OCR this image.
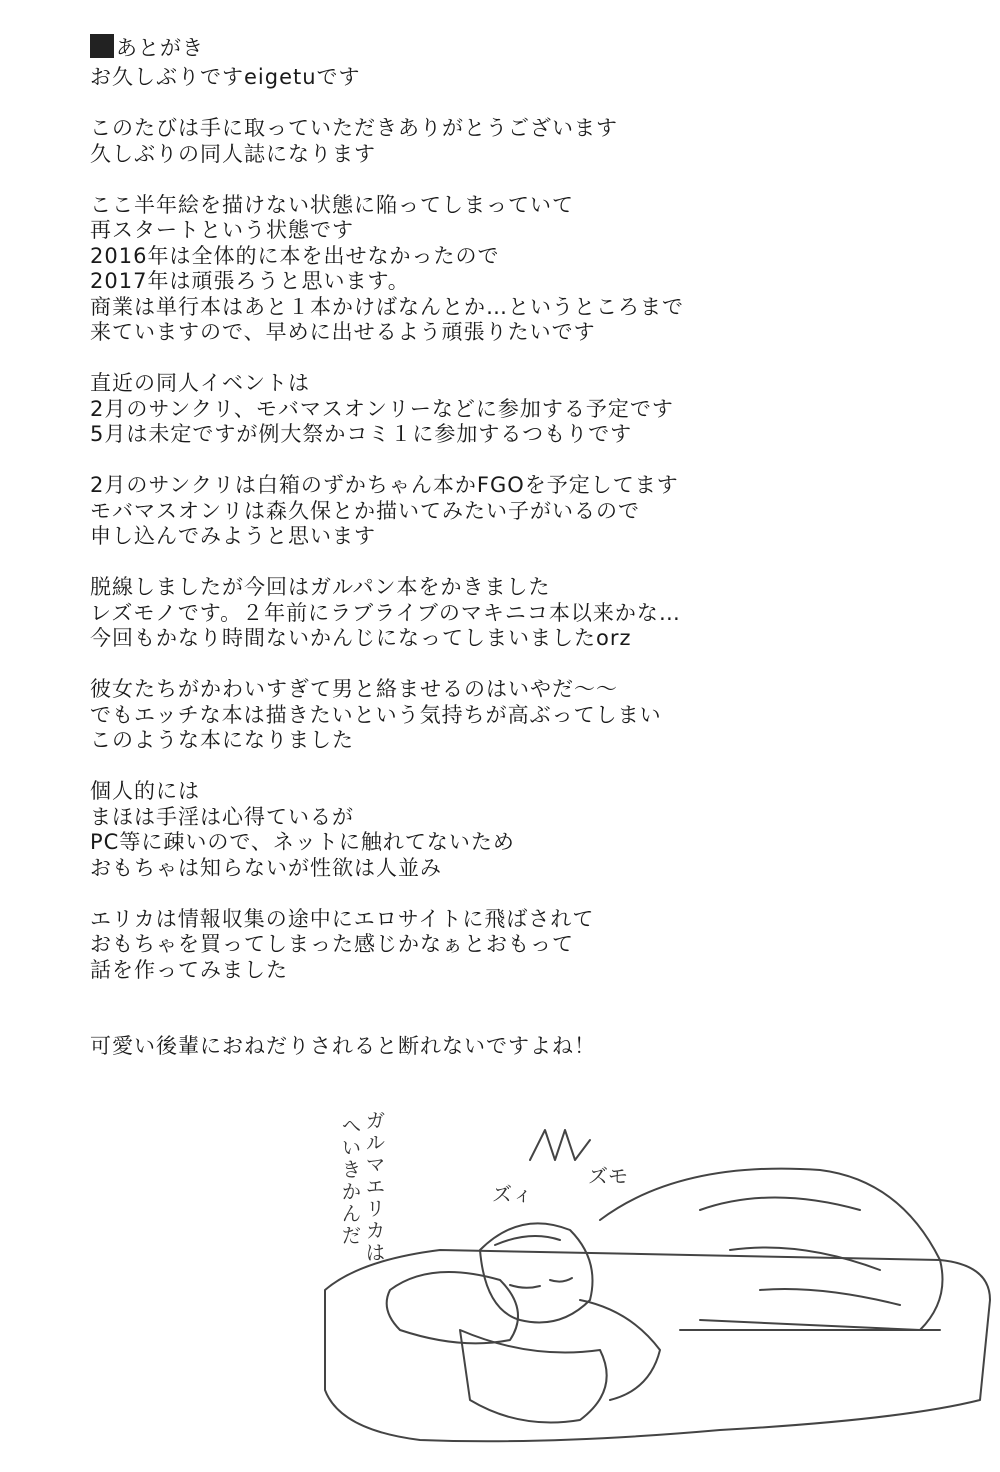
あとがき
お久しぶりですeigetuです
このたびは手に取っていただきありがとうございます
久しぶりの同人誌になります
ここ半年絵を描けない状態に陥ってしまっていて
再スタートという状態です
2016年は全体的に本を出せなかったので
2017年は頑張ろうと思います。
商業は単行本はあと１本かけばなんとか…というところまで
来ていますので、早めに出せるよう頑張りたいです
直近の同人イベントは
2月のサンクリ、モバマスオンリーなどに参加する予定です
5月は未定ですが例大祭かコミ１に参加するつもりです
2月のサンクリは白箱のずかちゃん本かFGOを予定してます
モバマスオンリは森久保とか描いてみたい子がいるので
申し込んでみようと思います
脱線しましたが今回はガルパン本をかきました
レズモノです。２年前にラブライブのマキニコ本以来かな…
今回もかなり時間ないかんじになってしまいましたorz
彼女たちがかわいすぎて男と絡ませるのはいやだ～～
でもエッチな本は描きたいという気持ちが高ぶってしまい
このような本になりました
個人的には
まほは手淫は心得ているが
PC等に疎いので、ネットに触れてないため
おもちゃは知らないが性欲は人並み
エリカは情報収集の途中にエロサイトに飛ばされて
おもちゃを買ってしまった感じかなぁとおもって
話を作ってみました
可愛い後輩におねだりされると断れないですよね！
ガルマエリカは
へいきかんだ	ズィ
ズモ
